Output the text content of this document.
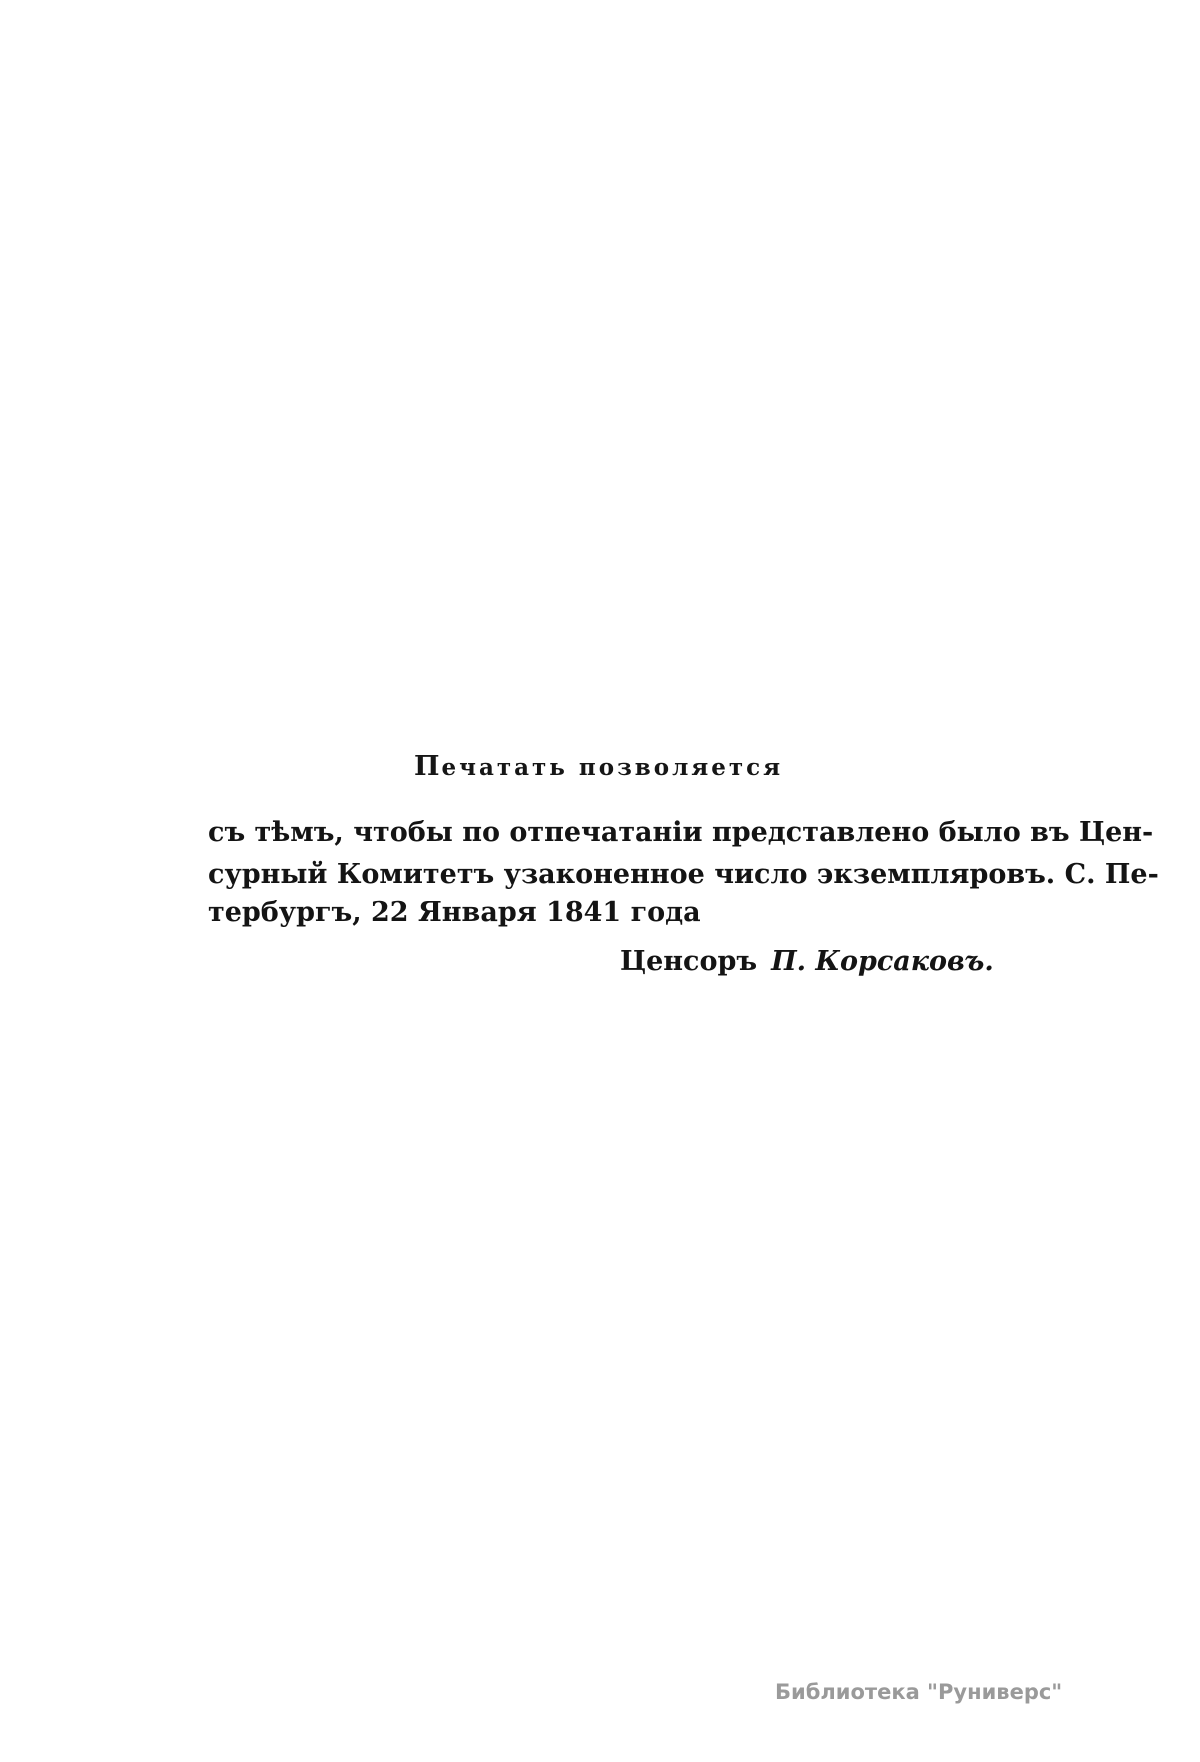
Печатать позволяется
съ тѣмъ, чтобы по отпечатаніи представлено было въ Цен-
сурный Комитетъ узаконенное число экземпляровъ. С. Пе-
тербургъ, 22 Января 1841 года
Ценсоръ П. Корсаковъ.
Библиотека "Руниверс"
